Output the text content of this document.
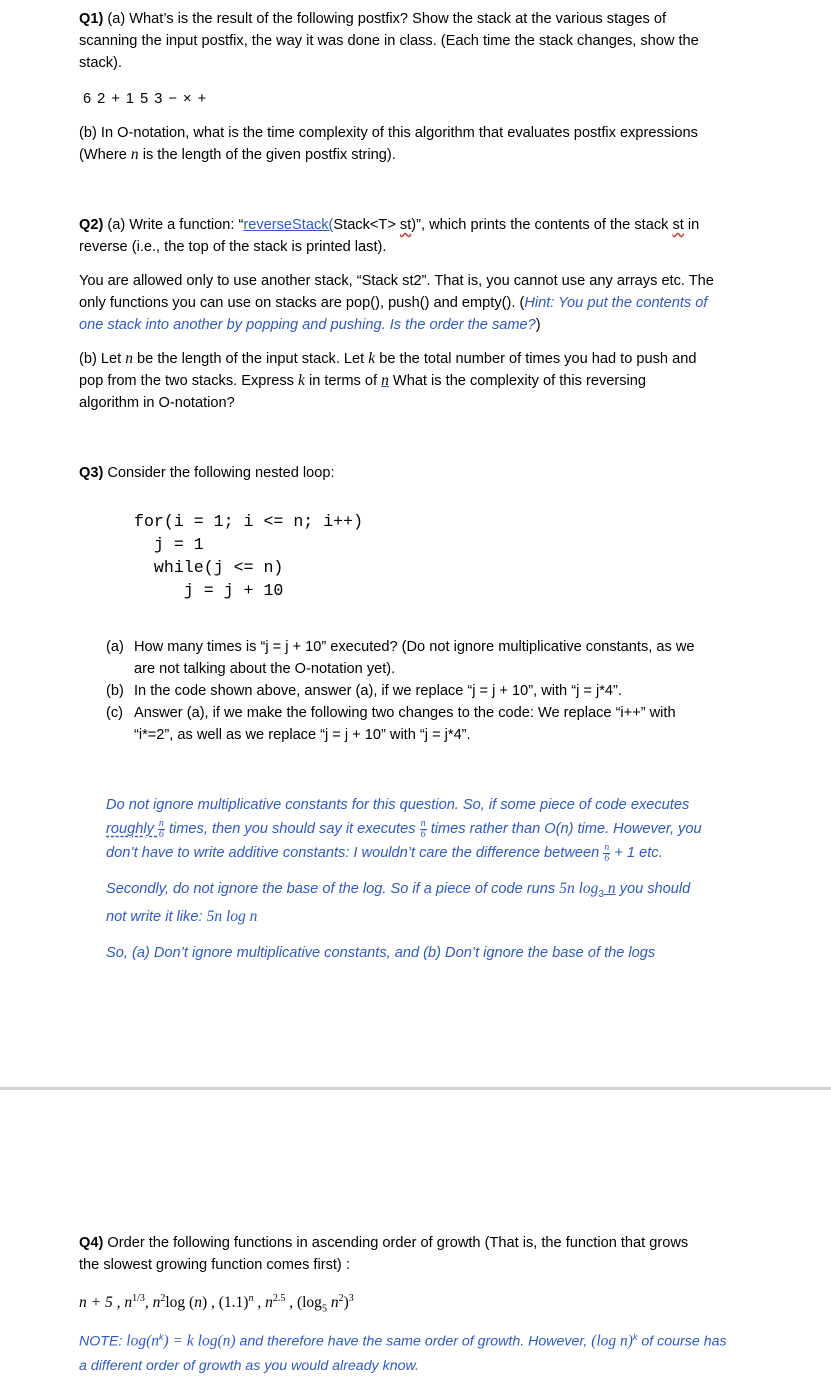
Q1) (a) What’s is the result of the following postfix? Show the stack at the various stages of
scanning the input postfix, the way it was done in class. (Each time the stack changes, show the
stack).
6 2 + 1 5 3 − × +
(b) In O-notation, what is the time complexity of this algorithm that evaluates postfix expressions
(Where n is the length of the given postfix string).
Q2) (a) Write a function: “reverseStack(Stack<T> st)”, which prints the contents of the stack st in
reverse (i.e., the top of the stack is printed last).
You are allowed only to use another stack, “Stack st2”. That is, you cannot use any arrays etc. The
only functions you can use on stacks are pop(), push() and empty(). (Hint: You put the contents of
one stack into another by popping and pushing. Is the order the same?)
(b) Let n be the length of the input stack. Let k be the total number of times you had to push and
pop from the two stacks. Express k in terms of n What is the complexity of this reversing
algorithm in O-notation?
Q3) Consider the following nested loop:
for(i = 1; i <= n; i++)
j = 1
while(j <= n)
j = j + 10
(a) How many times is “j = j + 10” executed? (Do not ignore multiplicative constants, as we
are not talking about the O-notation yet).
(b) In the code shown above, answer (a), if we replace “j = j + 10”, with “j = j*4”.
(c) Answer (a), if we make the following two changes to the code: We replace “i++” with
“i*=2”, as well as we replace “j = j + 10” with “j = j*4”.
Do not ignore multiplicative constants for this question. So, if some piece of code executes
roughly $\frac{n}{6}$ times, then you should say it executes $\frac{n}{6}$ times rather than O(n) time. However, you
don’t have to write additive constants: I wouldn’t care the difference between $\frac{n}{6} + 1$ etc.
Secondly, do not ignore the base of the log. So if a piece of code runs 5n $\log_3 n$ you should
not write it like: 5n log n
So, (a) Don’t ignore multiplicative constants, and (b) Don’t ignore the base of the logs
Q4) Order the following functions in ascending order of growth (That is, the function that grows
the slowest growing function comes first) :
n + 5 , $n^{1/3}$, $n^2\log$ (n) , $(1.1)^n$ , $n^{2.5}$ , ($\log_5$ $n^2)^3$
NOTE: $\log(n^k) = k$ log(n) and therefore have the same order of growth. However, (log n)$^k$ of course has
a different order of growth as you would already know.
